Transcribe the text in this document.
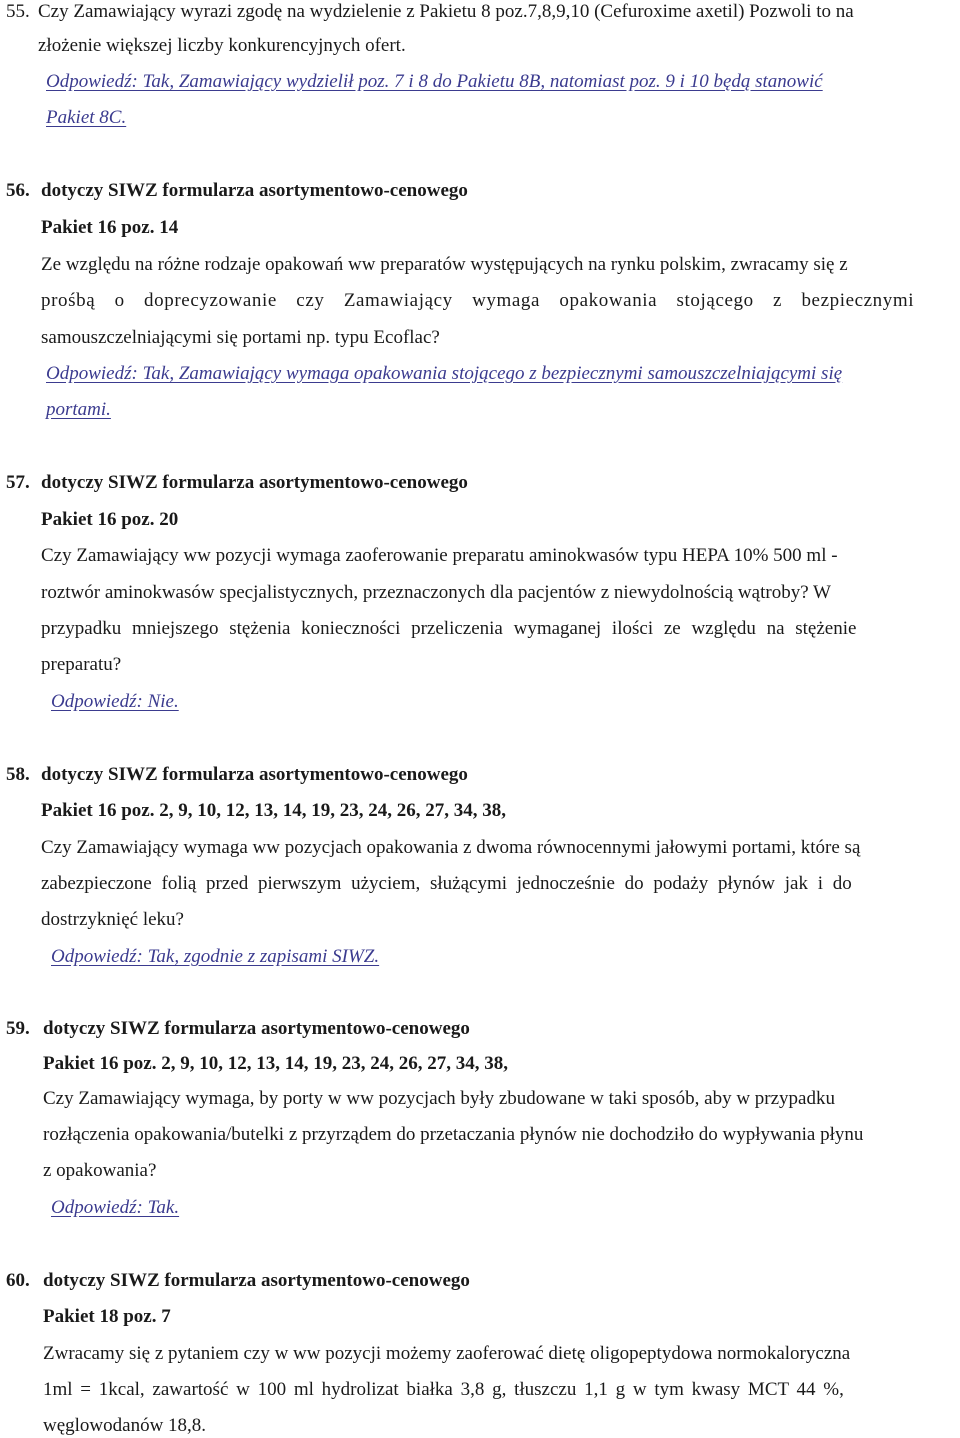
55. Czy Zamawiający wyrazi zgodę na wydzielenie z Pakietu 8 poz.7,8,9,10 (Cefuroxime axetil) Pozwoli to na
złożenie większej liczby konkurencyjnych ofert.
Odpowiedź: Tak, Zamawiający wydzielił poz. 7 i 8 do Pakietu 8B, natomiast poz. 9 i 10 będą stanowić
Pakiet 8C.
56. dotyczy SIWZ formularza asortymentowo-cenowego
Pakiet 16 poz. 14
Ze względu na różne rodzaje opakowań ww preparatów występujących na rynku polskim, zwracamy się z
prośbą o doprecyzowanie czy Zamawiający wymaga opakowania stojącego z bezpiecznymi
samouszczelniającymi się portami np. typu Ecoflac?
Odpowiedź: Tak, Zamawiający wymaga opakowania stojącego z bezpiecznymi samouszczelniającymi się
portami.
57. dotyczy SIWZ formularza asortymentowo-cenowego
Pakiet 16 poz. 20
Czy Zamawiający ww pozycji wymaga zaoferowanie preparatu aminokwasów typu HEPA 10% 500 ml -
roztwór aminokwasów specjalistycznych, przeznaczonych dla pacjentów z niewydolnością wątroby? W
przypadku mniejszego stężenia konieczności przeliczenia wymaganej ilości ze względu na stężenie
preparatu?
Odpowiedź: Nie.
58. dotyczy SIWZ formularza asortymentowo-cenowego
Pakiet 16 poz. 2, 9, 10, 12, 13, 14, 19, 23, 24, 26, 27, 34, 38,
Czy Zamawiający wymaga ww pozycjach opakowania z dwoma równocennymi jałowymi portami, które są
zabezpieczone folią przed pierwszym użyciem, służącymi jednocześnie do podaży płynów jak i do
dostrzyknięć leku?
Odpowiedź: Tak, zgodnie z zapisami SIWZ.
59. dotyczy SIWZ formularza asortymentowo-cenowego
Pakiet 16 poz. 2, 9, 10, 12, 13, 14, 19, 23, 24, 26, 27, 34, 38,
Czy Zamawiający wymaga, by porty w ww pozycjach były zbudowane w taki sposób, aby w przypadku
rozłączenia opakowania/butelki z przyrządem do przetaczania płynów nie dochodziło do wypływania płynu
z opakowania?
Odpowiedź: Tak.
60. dotyczy SIWZ formularza asortymentowo-cenowego
Pakiet 18 poz. 7
Zwracamy się z pytaniem czy w ww pozycji możemy zaoferować dietę oligopeptydowa normokaloryczna
1ml = 1kcal, zawartość w 100 ml hydrolizat białka 3,8 g, tłuszczu 1,1 g w tym kwasy MCT 44 %,
węglowodanów 18,8.
